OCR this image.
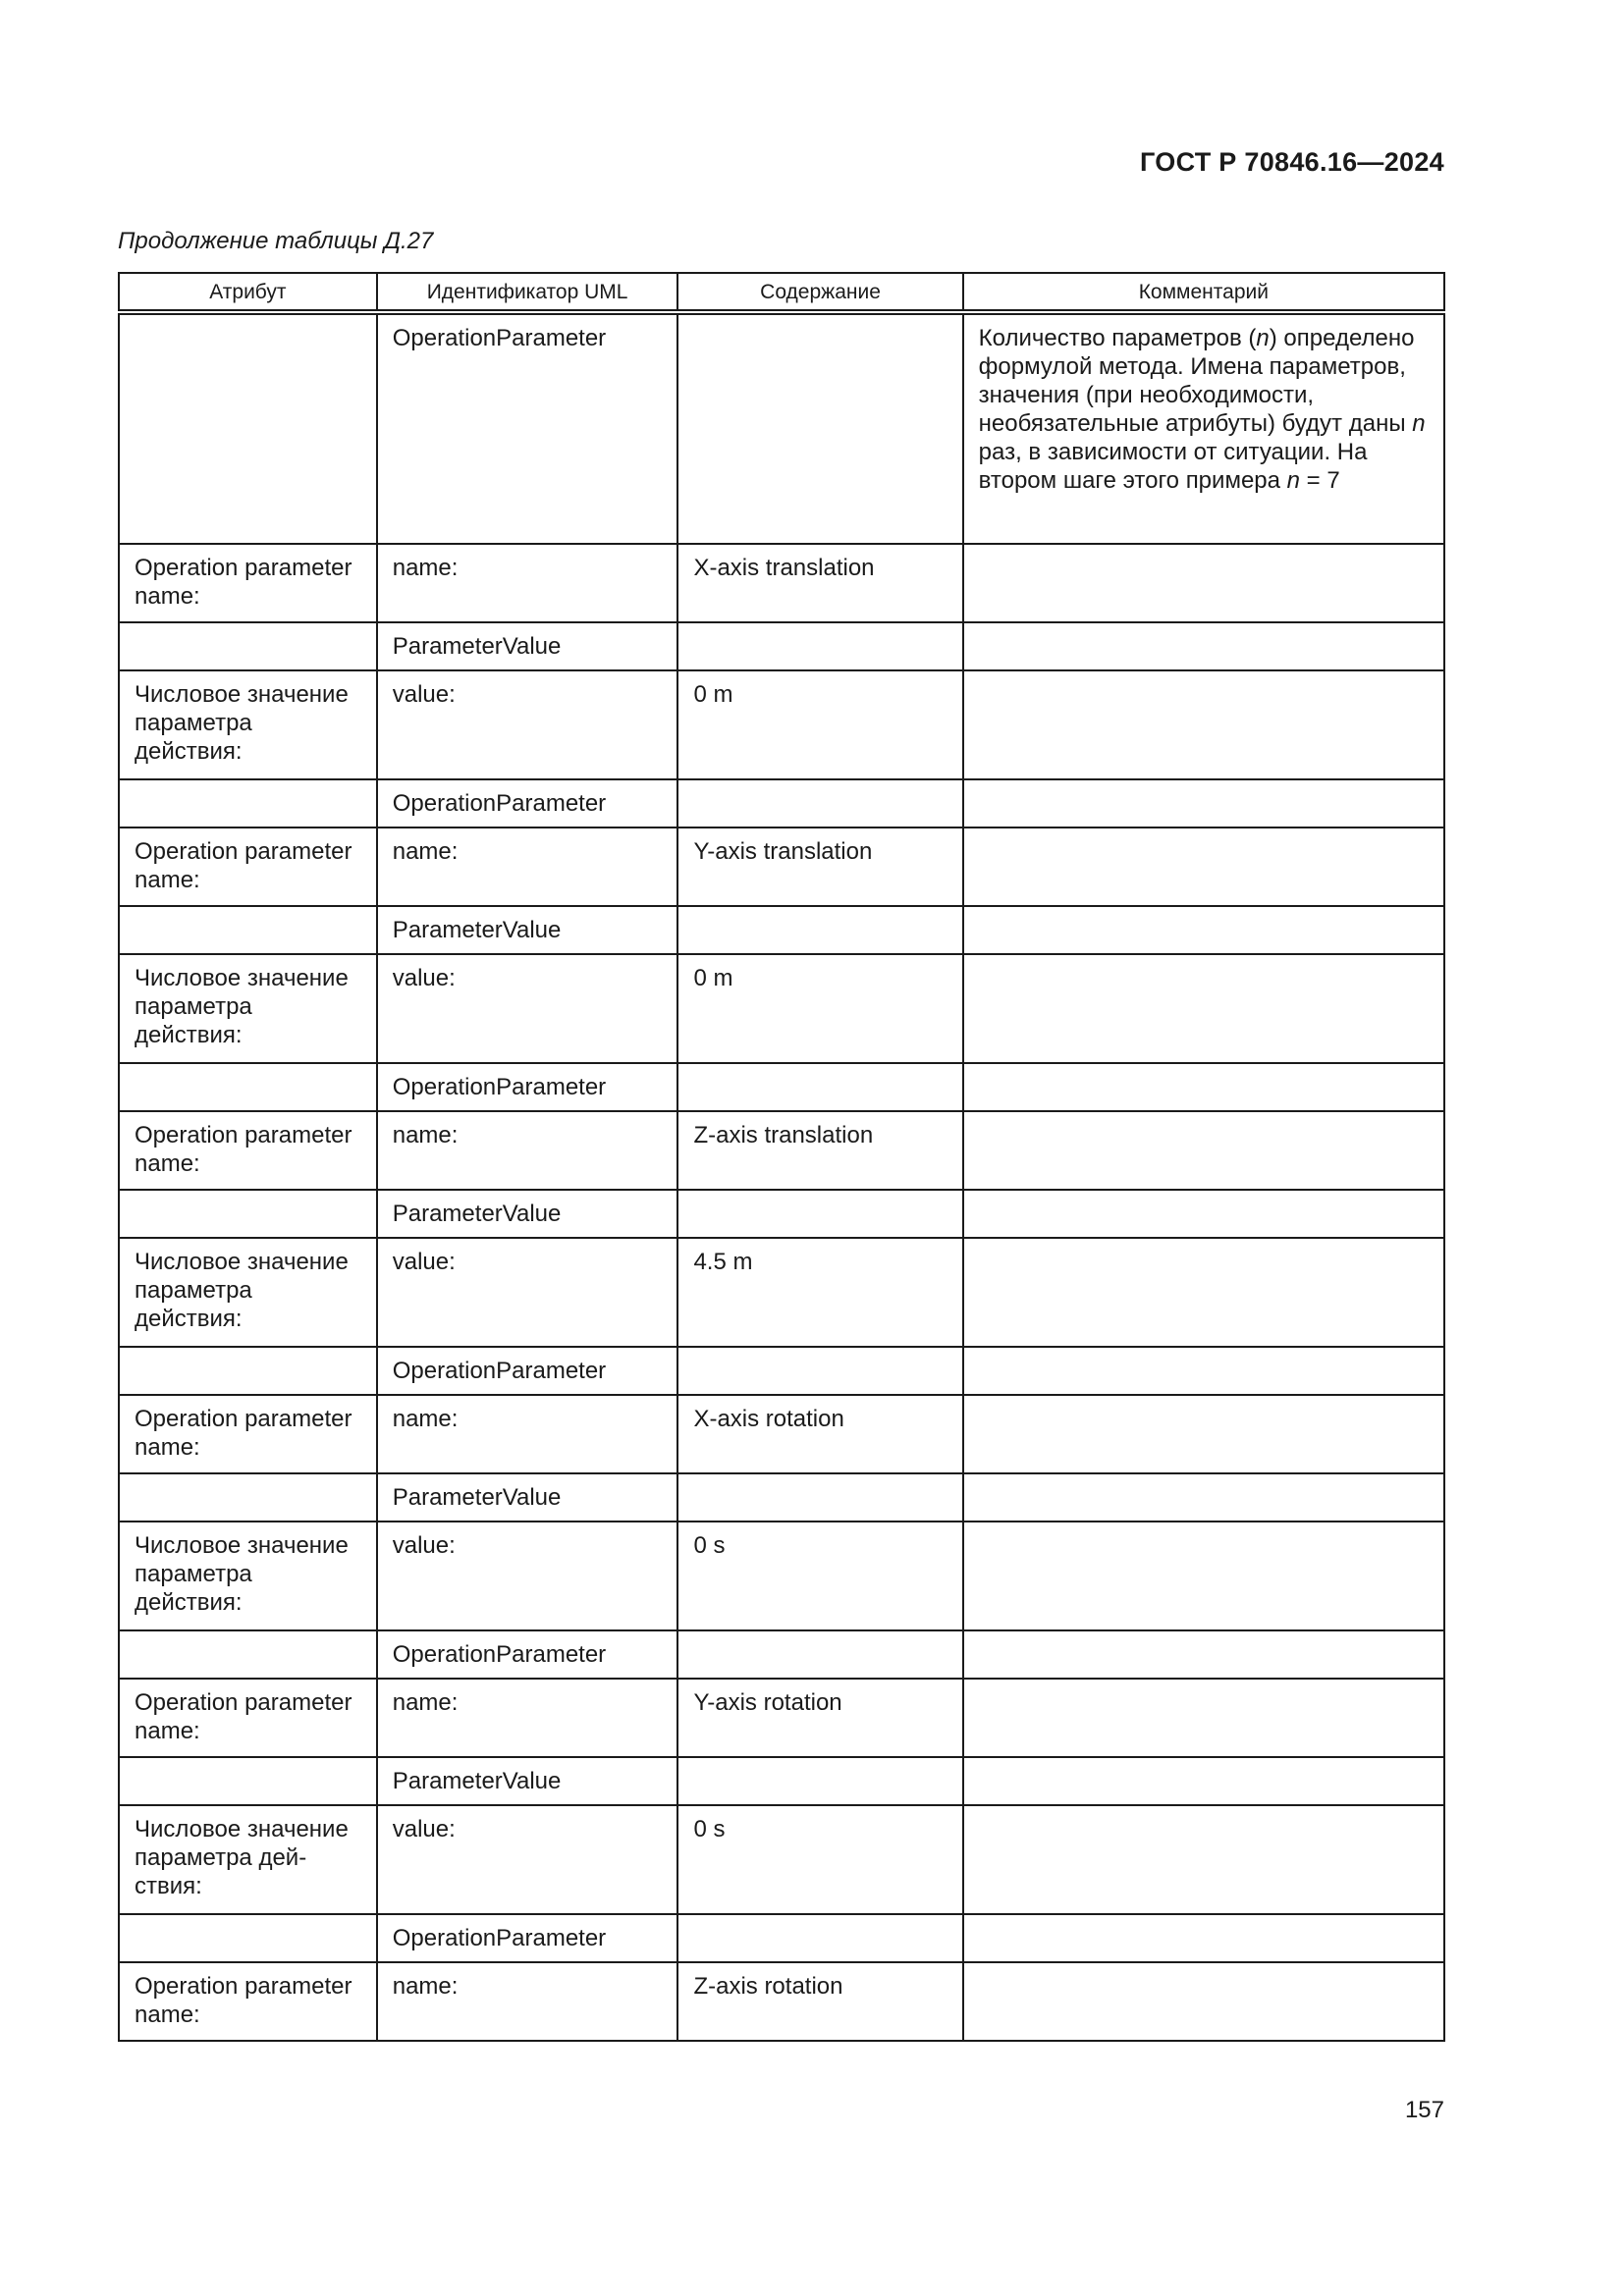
ГОСТ Р 70846.16—2024
Продолжение таблицы Д.27
Атрибут	Идентификатор UML	Содержание	Комментарий
	OperationParameter		Количество параметров (n) определено формулой метода. Имена параметров, значения (при необходимости, необязательные атрибуты) будут даны n раз, в зависимости от ситуации. На втором шаге этого примера n = 7
Operation parameter name:	name:	X-axis translation	
	ParameterValue		
Числовое значение параметра действия:	value:	0 m	
	OperationParameter		
Operation parameter name:	name:	Y-axis translation	
	ParameterValue		
Числовое значение параметра действия:	value:	0 m	
	OperationParameter		
Operation parameter name:	name:	Z-axis translation	
	ParameterValue		
Числовое значение параметра действия:	value:	4.5 m	
	OperationParameter		
Operation parameter name:	name:	X-axis rotation	
	ParameterValue		
Числовое значение параметра действия:	value:	0 s	
	OperationParameter		
Operation parameter name:	name:	Y-axis rotation	
	ParameterValue		
Числовое значение параметра дей-ствия:	value:	0 s	
	OperationParameter		
Operation parameter name:	name:	Z-axis rotation	
157
